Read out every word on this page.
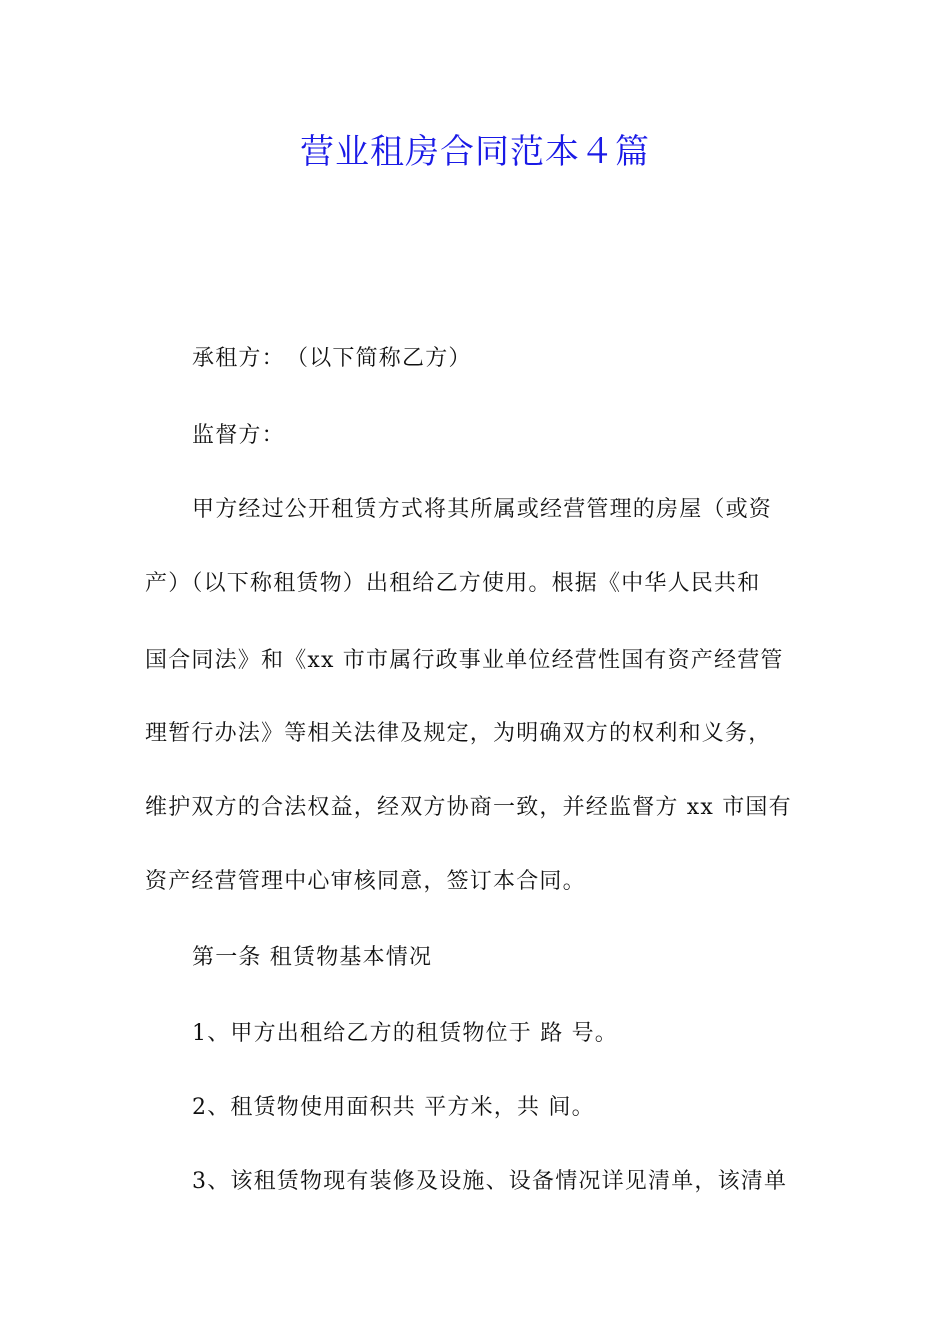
营业租房合同范本４篇
承租方：　（以下简称乙方）
监督方：
甲方经过公开租赁方式将其所属或经营管理的房屋（或资
产）（以下称租赁物）出租给乙方使用。根据《中华人民共和
国合同法》和《xx 市市属行政事业单位经营性国有资产经营管
理暂行办法》等相关法律及规定，为明确双方的权利和义务，
维护双方的合法权益，经双方协商一致，并经监督方 xx 市国有
资产经营管理中心审核同意，签订本合同。
第一条 租赁物基本情况
1、甲方出租给乙方的租赁物位于 路 号。
2、租赁物使用面积共 平方米，共 间。
3、该租赁物现有装修及设施、设备情况详见清单，该清单
